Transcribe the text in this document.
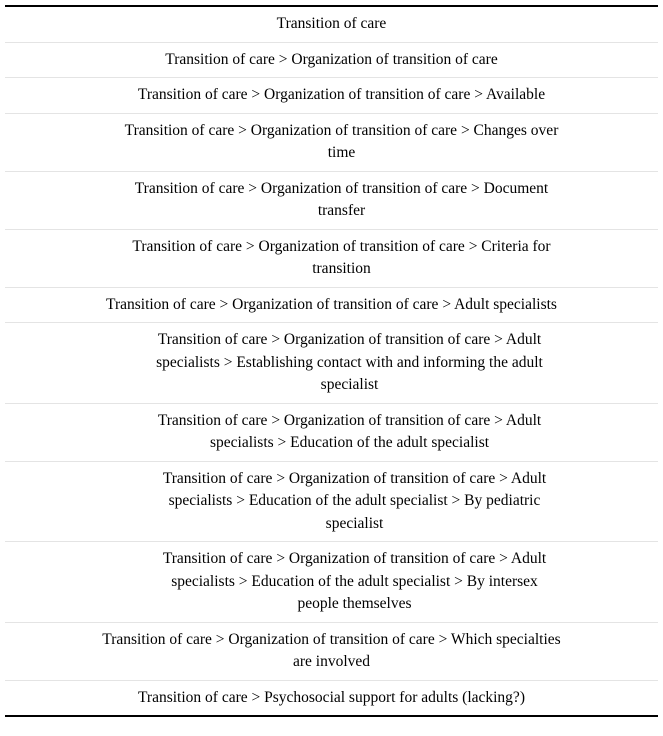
Transition of care
Transition of care > Organization of transition of care
Transition of care > Organization of transition of care > Available
Transition of care > Organization of transition of care > Changes over
time
Transition of care > Organization of transition of care > Document
transfer
Transition of care > Organization of transition of care > Criteria for
transition
Transition of care > Organization of transition of care > Adult specialists
Transition of care > Organization of transition of care > Adult
specialists > Establishing contact with and informing the adult
specialist
Transition of care > Organization of transition of care > Adult
specialists > Education of the adult specialist
Transition of care > Organization of transition of care > Adult
specialists > Education of the adult specialist > By pediatric
specialist
Transition of care > Organization of transition of care > Adult
specialists > Education of the adult specialist > By intersex
people themselves
Transition of care > Organization of transition of care > Which specialties
are involved
Transition of care > Psychosocial support for adults (lacking?)
